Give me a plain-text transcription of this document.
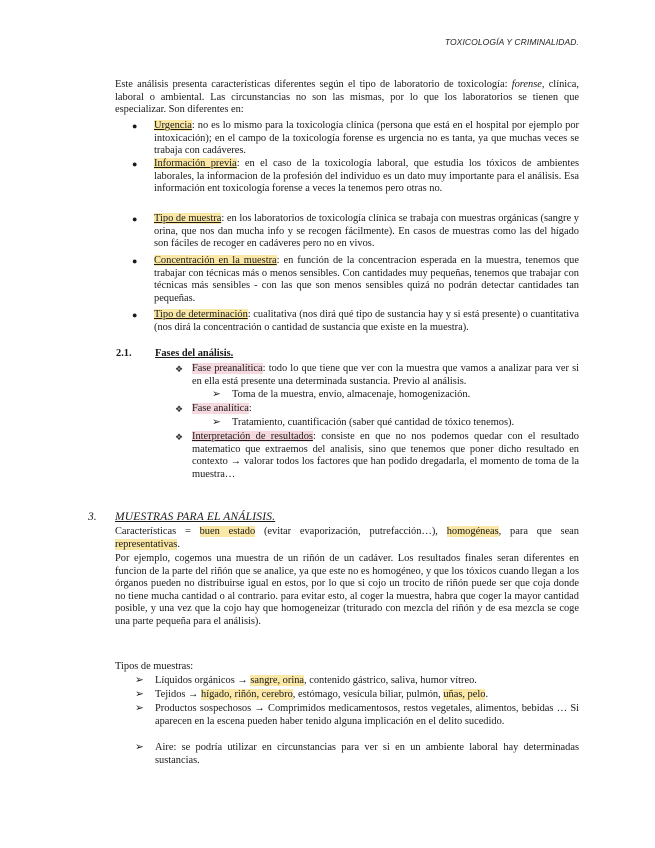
TOXICOLOGÍA Y CRIMINALIDAD.
Este análisis presenta características diferentes según el tipo de laboratorio de toxicología: forense, clínica, laboral o ambiental. Las circunstancias no son las mismas, por lo que los laboratorios se tienen que especializar. Son diferentes en:
● Urgencia: no es lo mismo para la toxicología clínica (persona que está en el hospital por ejemplo por intoxicación); en el campo de la toxicología forense es urgencia no es tanta, ya que muchas veces se trabaja con cadáveres.
● Información previa: en el caso de la toxicología laboral, que estudia los tóxicos de ambientes laborales, la informacion de la profesión del individuo es un dato muy importante para el análisis. Esa información ent toxicología forense a veces la tenemos pero otras no.
● Tipo de muestra: en los laboratorios de toxicología clínica se trabaja con muestras orgánicas (sangre y orina, que nos dan mucha info y se recogen fácilmente). En casos de muestras como las del hígado son fáciles de recoger en cadáveres pero no en vivos.
● Concentración en la muestra: en función de la concentracion esperada en la muestra, tenemos que trabajar con técnicas más o menos sensibles. Con cantidades muy pequeñas, tenemos que trabajar con técnicas más sensibles - con las que son menos sensibles quizá no podrán detectar cantidades tan pequeñas.
● Tipo de determinación: cualitativa (nos dirá qué tipo de sustancia hay y si está presente) o cuantitativa (nos dirá la concentración o cantidad de sustancia que existe en la muestra).
2.1. Fases del análisis.
❖ Fase preanalítica: todo lo que tiene que ver con la muestra que vamos a analizar para ver si en ella está presente una determinada sustancia. Previo al análisis.
➢ Toma de la muestra, envío, almacenaje, homogenización.
❖ Fase analítica:
➢ Tratamiento, cuantificación (saber qué cantidad de tóxico tenemos).
❖ Interpretación de resultados: consiste en que no nos podemos quedar con el resultado matematico que extraemos del analisis, sino que tenemos que poner dicho resultado en contexto → valorar todos los factores que han podido dregadarla, el momento de toma de la muestra…
3. MUESTRAS PARA EL ANÁLISIS.
Características = buen estado (evitar evaporización, putrefacción…), homogéneas, para que sean representativas.
Por ejemplo, cogemos una muestra de un riñón de un cadáver. Los resultados finales seran diferentes en funcion de la parte del riñón que se analice, ya que este no es homogéneo, y que los tóxicos cuando llegan a los órganos pueden no distribuirse igual en estos, por lo que si cojo un trocito de riñón puede ser que coja donde no tiene mucha cantidad o al contrario. para evitar esto, al coger la muestra, habra que coger la mayor cantidad posible, y una vez que la cojo hay que homogeneizar (triturado con mezcla del riñón y de esa mezcla se coge una parte pequeña para el análisis).
Tipos de muestras:
➢ Líquidos orgánicos → sangre, orina, contenido gástrico, saliva, humor vítreo.
➢ Tejidos → hígado, riñón, cerebro, estómago, vesícula biliar, pulmón, uñas, pelo.
➢ Productos sospechosos → Comprimidos medicamentosos, restos vegetales, alimentos, bebidas … Si aparecen en la escena pueden haber tenido alguna implicación en el delito sucedido.
➢ Aire: se podría utilizar en circunstancias para ver si en un ambiente laboral hay determinadas sustancias.
